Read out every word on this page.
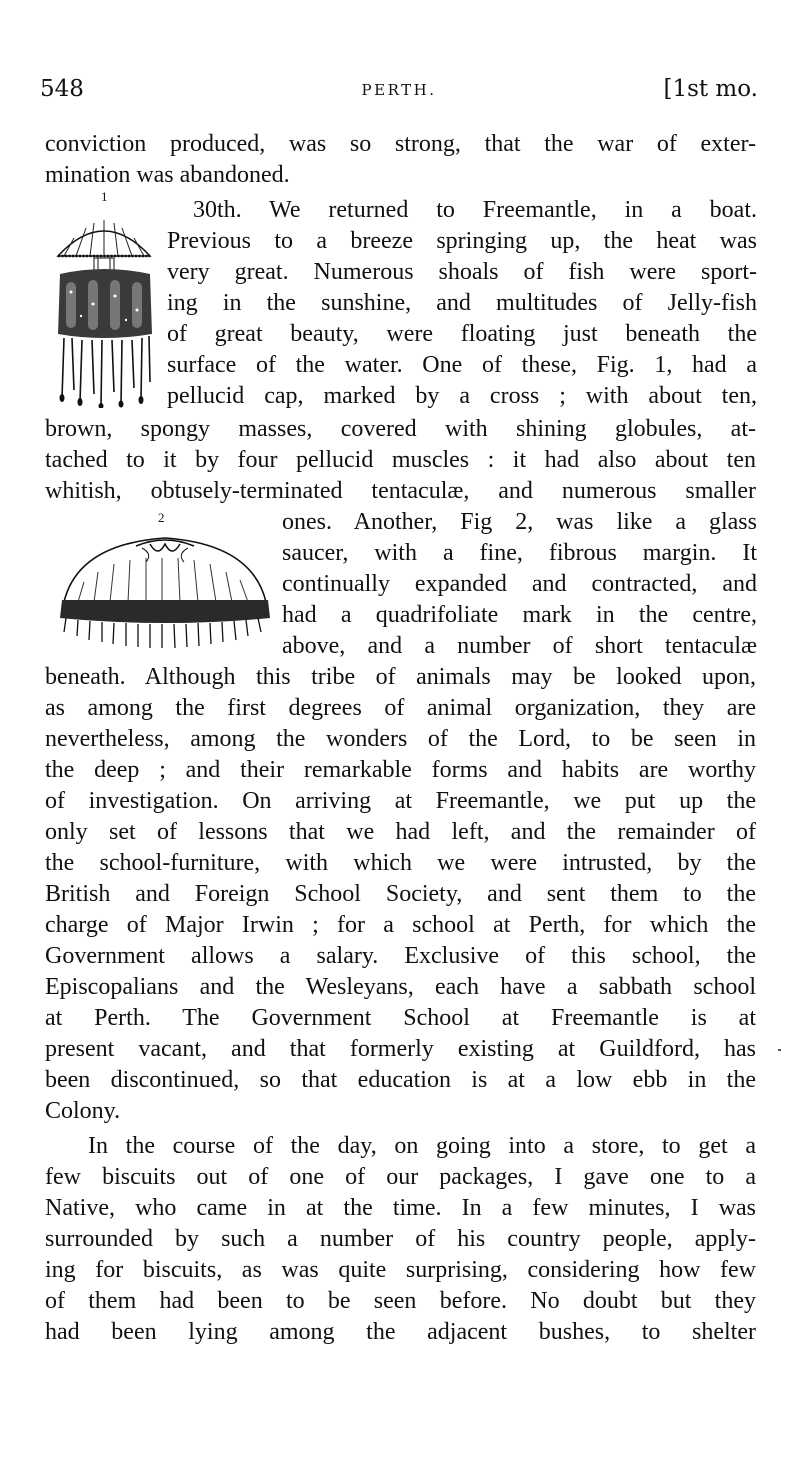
548	PERTH.	[1st mo.
1
2
conviction produced, was so strong, that the war of exter-
mination was abandoned.
30th. We returned to Freemantle, in a boat.
Previous to a breeze springing up, the heat was
very great. Numerous shoals of fish were sport-
ing in the sunshine, and multitudes of Jelly-fish
of great beauty, were floating just beneath the
surface of the water. One of these, Fig. 1, had a
pellucid cap, marked by a cross ; with about ten,
brown, spongy masses, covered with shining globules, at-
tached to it by four pellucid muscles : it had also about ten
whitish, obtusely-terminated tentaculæ, and numerous smaller
ones. Another, Fig 2, was like a glass
saucer, with a fine, fibrous margin. It
continually expanded and contracted, and
had a quadrifoliate mark in the centre,
above, and a number of short tentaculæ
beneath. Although this tribe of animals may be looked upon,
as among the first degrees of animal organization, they are
nevertheless, among the wonders of the Lord, to be seen in
the deep ; and their remarkable forms and habits are worthy
of investigation. On arriving at Freemantle, we put up the
only set of lessons that we had left, and the remainder of
the school-furniture, with which we were intrusted, by the
British and Foreign School Society, and sent them to the
charge of Major Irwin ; for a school at Perth, for which the
Government allows a salary. Exclusive of this school, the
Episcopalians and the Wesleyans, each have a sabbath school
at Perth. The Government School at Freemantle is at
present vacant, and that formerly existing at Guildford, has
been discontinued, so that education is at a low ebb in the
Colony.
In the course of the day, on going into a store, to get a
few biscuits out of one of our packages, I gave one to a
Native, who came in at the time. In a few minutes, I was
surrounded by such a number of his country people, apply-
ing for biscuits, as was quite surprising, considering how few
of them had been to be seen before. No doubt but they
had been lying among the adjacent bushes, to shelter
